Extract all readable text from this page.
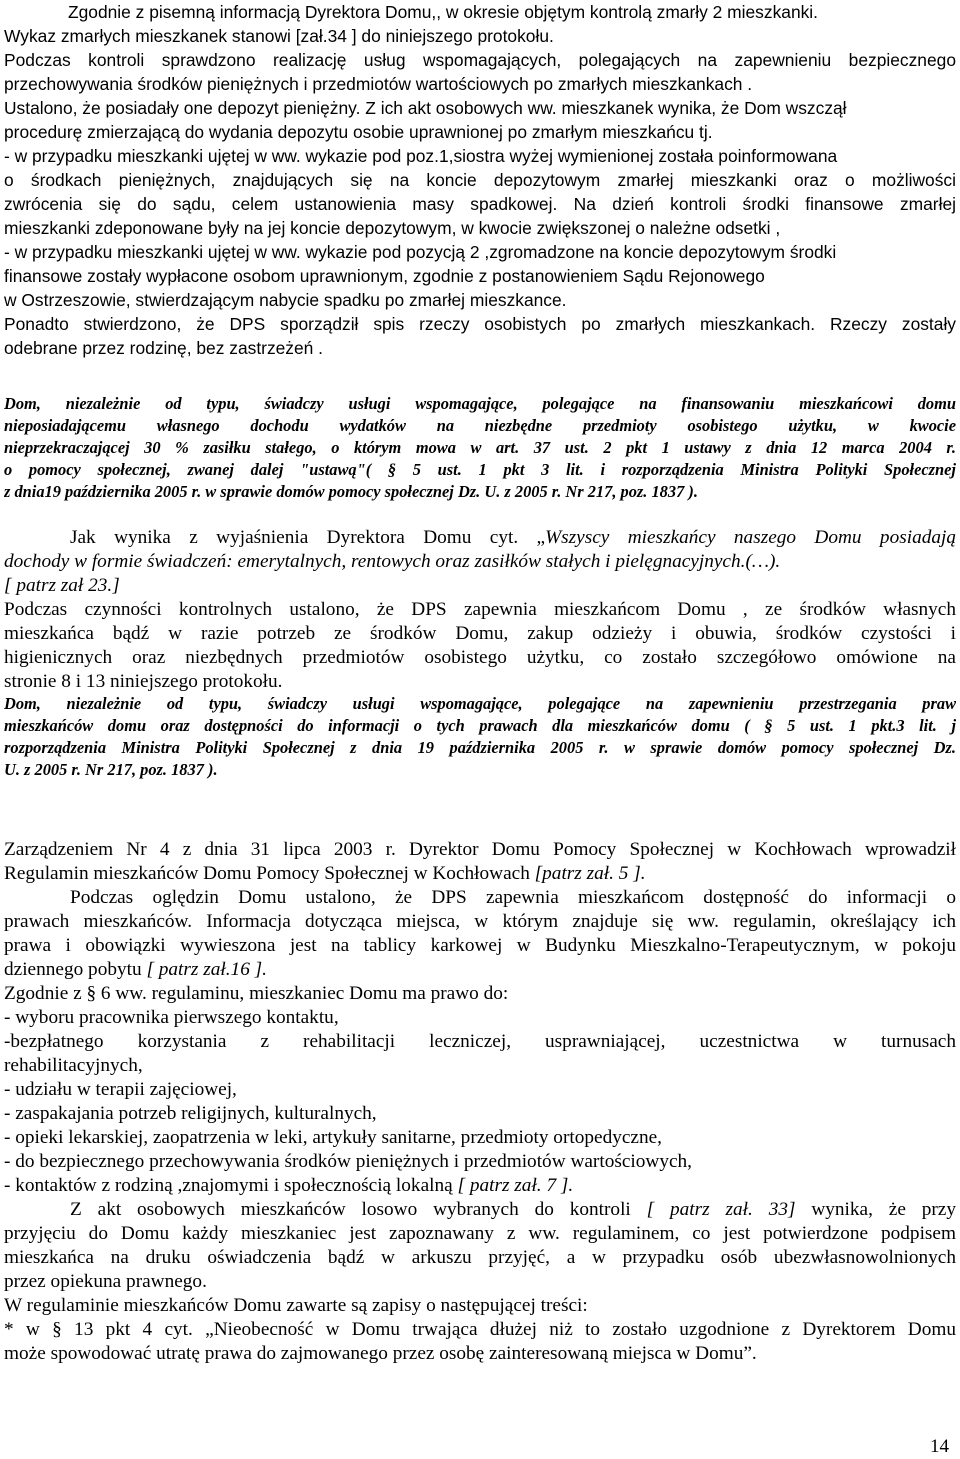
Zgodnie z pisemną informacją Dyrektora Domu,, w okresie objętym kontrolą zmarły 2 mieszkanki.
Wykaz zmarłych mieszkanek stanowi [zał.34 ] do niniejszego protokołu.
Podczas kontroli sprawdzono realizację usług wspomagających, polegających na zapewnieniu bezpiecznego
przechowywania środków pieniężnych i przedmiotów wartościowych po zmarłych mieszkankach .
Ustalono, że posiadały one depozyt pieniężny. Z ich akt osobowych ww. mieszkanek wynika, że Dom wszczął
procedurę zmierzającą do wydania depozytu osobie uprawnionej po zmarłym mieszkańcu tj.
- w przypadku mieszkanki ujętej w ww. wykazie pod poz.1,siostra wyżej wymienionej została poinformowana
o środkach pieniężnych, znajdujących się na koncie depozytowym zmarłej mieszkanki oraz o możliwości
zwrócenia się do sądu, celem ustanowienia masy spadkowej. Na dzień kontroli środki finansowe zmarłej
mieszkanki zdeponowane były na jej koncie depozytowym, w kwocie zwiększonej o należne odsetki ,
- w przypadku mieszkanki ujętej w ww. wykazie pod pozycją 2 ,zgromadzone na koncie depozytowym środki
finansowe zostały wypłacone osobom uprawnionym, zgodnie z postanowieniem Sądu Rejonowego
w Ostrzeszowie, stwierdzającym nabycie spadku po zmarłej mieszkance.
Ponadto stwierdzono, że DPS sporządził spis rzeczy osobistych po zmarłych mieszkankach. Rzeczy zostały
odebrane przez rodzinę, bez zastrzeżeń .
Dom, niezależnie od typu, świadczy usługi wspomagające, polegające na finansowaniu mieszkańcowi domu
nieposiadającemu własnego dochodu wydatków na niezbędne przedmioty osobistego użytku, w kwocie
nieprzekraczającej 30 % zasiłku stałego, o którym mowa w art. 37 ust. 2 pkt 1 ustawy z dnia 12 marca 2004 r.
o pomocy społecznej, zwanej dalej "ustawą"( § 5 ust. 1 pkt 3 lit. i rozporządzenia Ministra Polityki Społecznej
z dnia19 października 2005 r. w sprawie domów pomocy społecznej Dz. U. z 2005 r. Nr 217, poz. 1837 ).
Jak wynika z wyjaśnienia Dyrektora Domu cyt. „Wszyscy mieszkańcy naszego Domu posiadają
dochody w formie świadczeń: emerytalnych, rentowych oraz zasiłków stałych i pielęgnacyjnych.(…).
[ patrz zał 23.]
Podczas czynności kontrolnych ustalono, że DPS zapewnia mieszkańcom Domu , ze środków własnych
mieszkańca bądź w razie potrzeb ze środków Domu, zakup odzieży i obuwia, środków czystości i
higienicznych oraz niezbędnych przedmiotów osobistego użytku, co zostało szczegółowo omówione na
stronie 8 i 13 niniejszego protokołu.
Dom, niezależnie od typu, świadczy usługi wspomagające, polegające na zapewnieniu przestrzegania praw
mieszkańców domu oraz dostępności do informacji o tych prawach dla mieszkańców domu ( § 5 ust. 1 pkt.3 lit. j
rozporządzenia Ministra Polityki Społecznej z dnia 19 października 2005 r. w sprawie domów pomocy społecznej Dz.
U. z 2005 r. Nr 217, poz. 1837 ).
Zarządzeniem Nr 4 z dnia 31 lipca 2003 r. Dyrektor Domu Pomocy Społecznej w Kochłowach wprowadził
Regulamin mieszkańców Domu Pomocy Społecznej w Kochłowach [patrz zał. 5 ].
Podczas oględzin Domu ustalono, że DPS zapewnia mieszkańcom dostępność do informacji o
prawach mieszkańców. Informacja dotycząca miejsca, w którym znajduje się ww. regulamin, określający ich
prawa i obowiązki wywieszona jest na tablicy karkowej w Budynku Mieszkalno-Terapeutycznym, w pokoju
dziennego pobytu [ patrz zał.16 ].
Zgodnie z § 6 ww. regulaminu, mieszkaniec Domu ma prawo do:
- wyboru pracownika pierwszego kontaktu,
-bezpłatnego korzystania z rehabilitacji leczniczej, usprawniającej, uczestnictwa w turnusach
rehabilitacyjnych,
- udziału w terapii zajęciowej,
- zaspakajania potrzeb religijnych, kulturalnych,
- opieki lekarskiej, zaopatrzenia w leki, artykuły sanitarne, przedmioty ortopedyczne,
- do bezpiecznego przechowywania środków pieniężnych i przedmiotów wartościowych,
- kontaktów z rodziną ,znajomymi i społecznością lokalną [ patrz zał. 7 ].
Z akt osobowych mieszkańców losowo wybranych do kontroli [ patrz zał. 33] wynika, że przy
przyjęciu do Domu każdy mieszkaniec jest zapoznawany z ww. regulaminem, co jest potwierdzone podpisem
mieszkańca na druku oświadczenia bądź w arkuszu przyjęć, a w przypadku osób ubezwłasnowolnionych
przez opiekuna prawnego.
W regulaminie mieszkańców Domu zawarte są zapisy o następującej treści:
* w § 13 pkt 4 cyt. „Nieobecność w Domu trwająca dłużej niż to zostało uzgodnione z Dyrektorem Domu
może spowodować utratę prawa do zajmowanego przez osobę zainteresowaną miejsca w Domu”.
14
